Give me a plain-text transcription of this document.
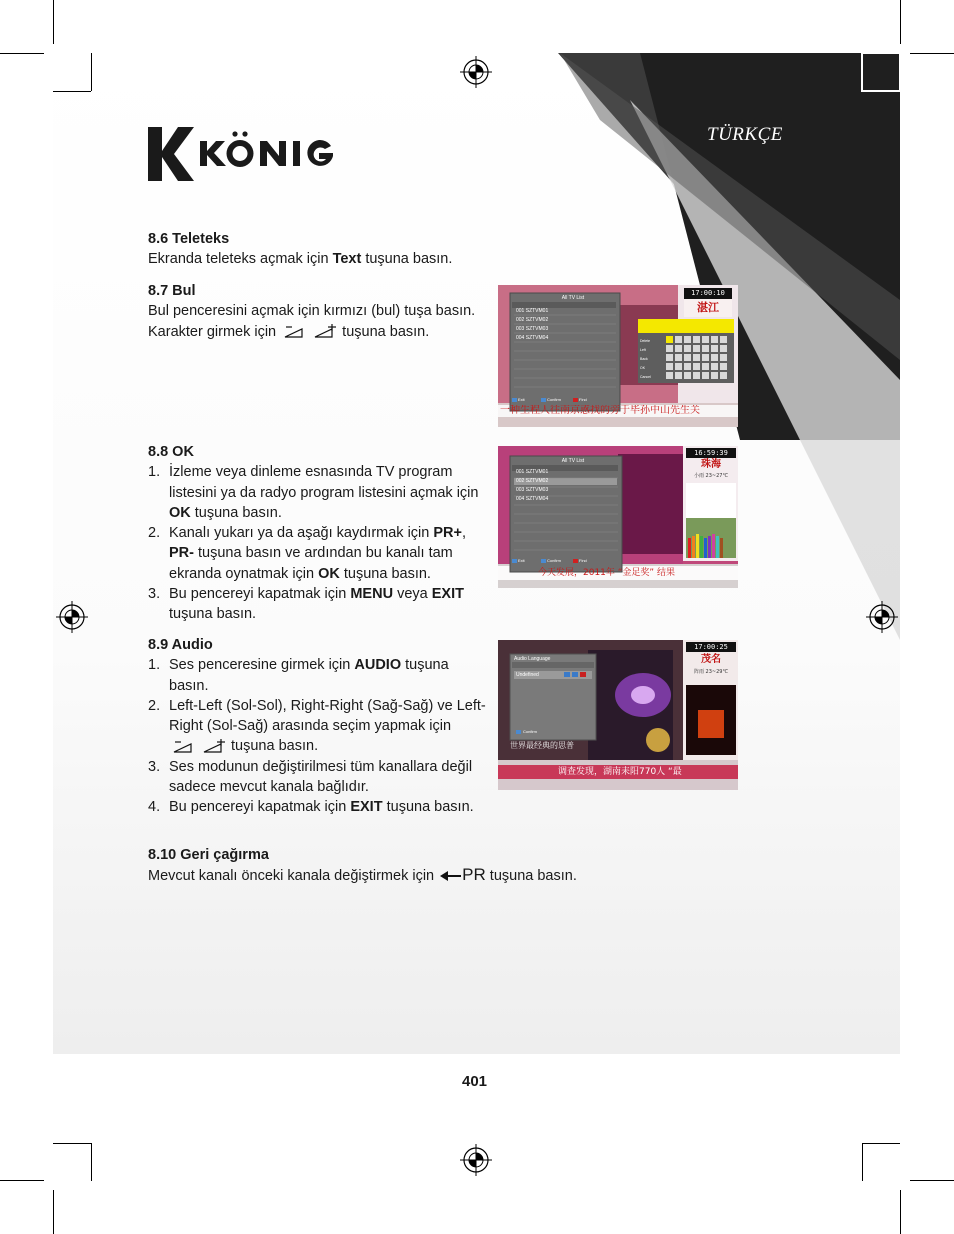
TÜRKÇE
8.6 Teleteks

Ekranda teleteks açmak için Text tuşuna basın.

8.7 Bul

Bul penceresini açmak için kırmızı (bul) tuşa basın.

Karakter girmek için	tuşuna basın.

All TV List
001 SZTVM01
002 SZTVM02
003 SZTVM03
004 SZTVM04
17:00:10
湛江
Delete
Left
Back
OK
Cancel
Exit	Confirm	Find
一种生程人往南京惑找的旁于毕孙中山先生关
8.8 OK
1. İzleme veya dinleme esnasında TV program listesini ya da radyo program listesini açmak için OK tuşuna basın.
2. Kanalı yukarı ya da aşağı kaydırmak için PR+, PR- tuşuna basın ve ardından bu kanalı tam ekranda oynatmak için OK tuşuna basın.
3. Bu pencereyi kapatmak için MENU veya EXIT tuşuna basın.
All TV List
001 SZTVM01
002 SZTVM02
003 SZTVM03
004 SZTVM04
16:59:39
珠海
小雨 23~27℃
Exit	Confirm	Find
今天发展，2011年 “金足奖” 结果
8.9 Audio
1. Ses penceresine girmek için AUDIO tuşuna basın.
2. Left-Left (Sol-Sol), Right-Right (Sağ-Sağ) ve Left-Right (Sol-Sağ) arasında seçim yapmak için  tuşuna basın.
3. Ses modunun değiştirilmesi tüm kanallara değil sadece mevcut kanala bağlıdır.
4. Bu pencereyi kapatmak için EXIT tuşuna basın.
Audio Language
Undefined
Confirm
17:00:25
茂名
阵雨 23~29℃
世界最经典的思普
调查发现，湖南耒阳770人 “最
8.10 Geri çağırma

Mevcut kanalı önceki kanala değiştirmek için PR tuşuna basın.

401
